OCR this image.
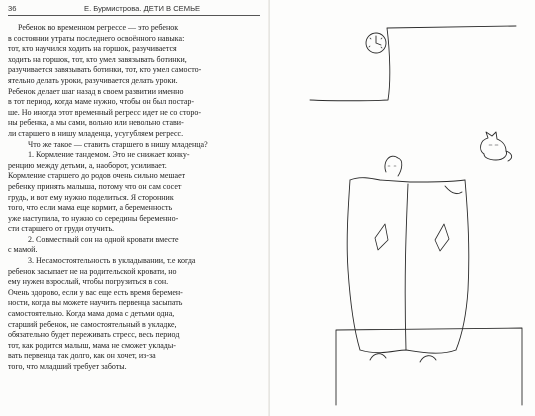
36	Е. Бурмистрова. ДЕТИ В СЕМЬЕ
Ребенок во временном регрессе — это ребенок
в состоянии утраты последнего освоённого навыка:
тот, кто научился ходить на горшок, разучивается
ходить на горшок, тот, кто умел завязывать ботинки,
разучивается завязывать ботинки, тот, кто умел самосто-
ятельно делать уроки, разучивается делать уроки.
Ребенок делает шаг назад в своем развитии именно
в тот период, когда маме нужно, чтобы он был постар-
ше. Но иногда этот временный регресс идет не со сторо-
ны ребенка, а мы сами, вольно или невольно стави-
ли старшего в нишу младенца, усугубляем регресс.
Что же такое — ставить старшего в нишу младенца?
1. Кормление тандемом. Это не снижает конку-
ренцию между детьми, а, наоборот, усиливает.
Кормление старшего до родов очень сильно мешает
ребенку принять малыша, потому что он сам сосет
грудь, и вот ему нужно поделиться. Я сторонник
того, что если мама еще кормит, а беременность
уже наступила, то нужно со середины беременно-
сти старшего от груди отучить.
2. Совместный сон на одной кровати вместе
с мамой.
3. Несамостоятельность в укладывании, т.е когда
ребенок засыпает не на родительской кровати, но
ему нужен взрослый, чтобы погрузиться в сон.
Очень здорово, если у вас еще есть время беремен-
ности, когда вы можете научить первенца засыпать
самостоятельно. Когда мама дома с детьми одна,
старший ребенок, не самостоятельный в укладке,
обязательно будет переживать стресс, весь период
тот, как родится малыш, мама не сможет уклады-
вать первенца так долго, как он хочет, из-за
того, что младший требует заботы.
